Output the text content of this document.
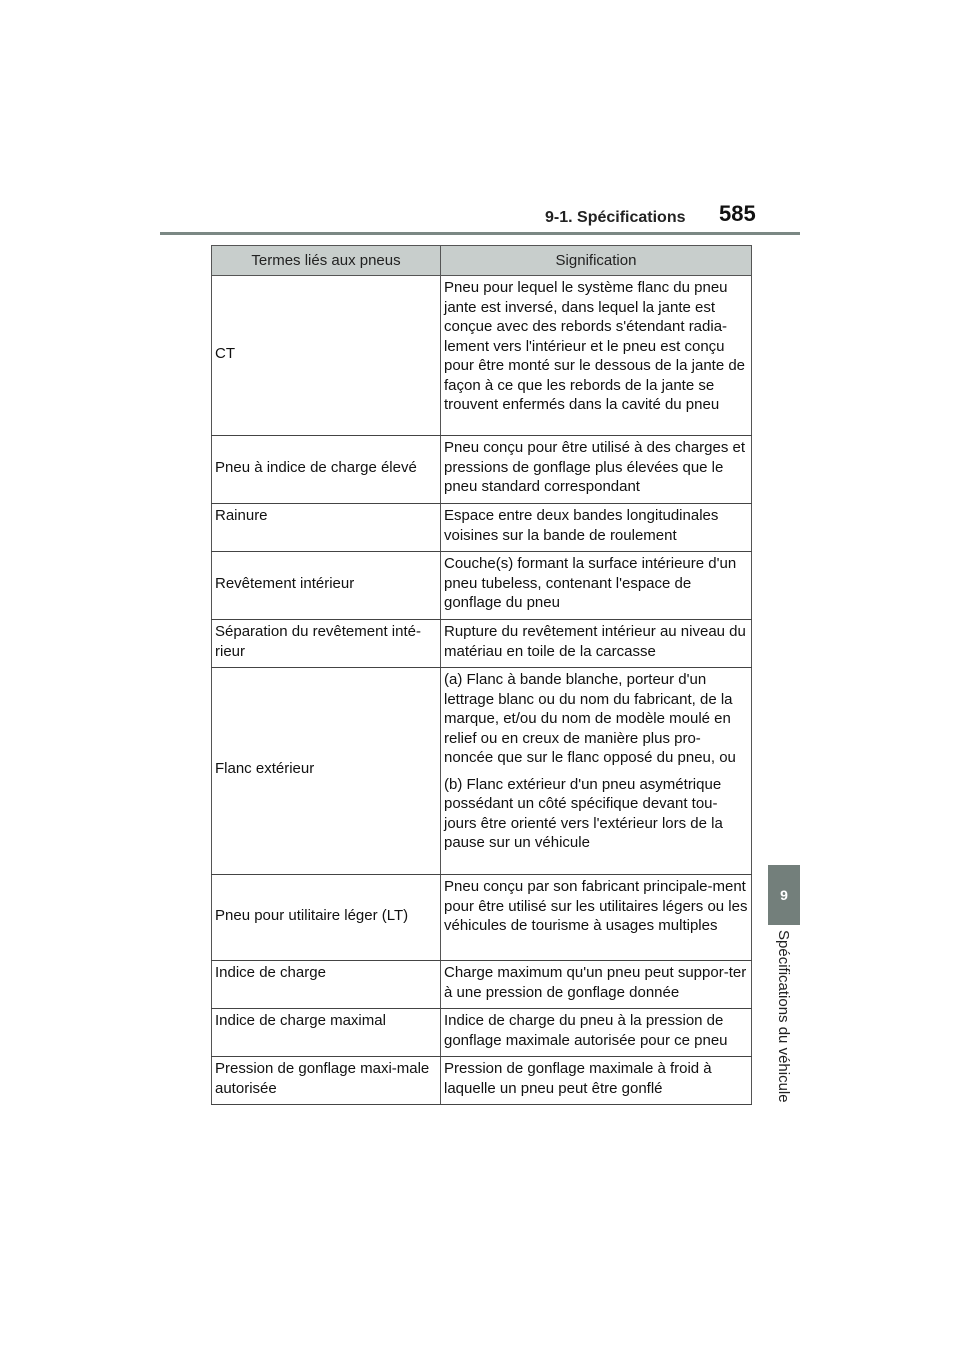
9-1. Spécifications 585
9
Spécifications du véhicule
Termes liés aux pneus	Signification
CT	Pneu pour lequel le système flanc du pneu jante est inversé, dans lequel la jante est conçue avec des rebords s'étendant radia-lement vers l'intérieur et le pneu est conçu pour être monté sur le dessous de la jante de façon à ce que les rebords de la jante se trouvent enfermés dans la cavité du pneu

Pneu à indice de charge élevé	Pneu conçu pour être utilisé à des charges et pressions de gonflage plus élevées que le pneu standard correspondant

Rainure	Espace entre deux bandes longitudinales voisines sur la bande de roulement

Revêtement intérieur	Couche(s) formant la surface intérieure d'un pneu tubeless, contenant l'espace de gonflage du pneu

Séparation du revêtement inté-rieur	Rupture du revêtement intérieur au niveau du matériau en toile de la carcasse

Flanc extérieur	(a) Flanc à bande blanche, porteur d'un lettrage blanc ou du nom du fabricant, de la marque, et/ou du nom de modèle moulé en relief ou en creux de manière plus pro-noncée que sur le flanc opposé du pneu, ou
(b) Flanc extérieur d'un pneu asymétrique possédant un côté spécifique devant tou-jours être orienté vers l'extérieur lors de la pause sur un véhicule

Pneu pour utilitaire léger (LT)	Pneu conçu par son fabricant principale-ment pour être utilisé sur les utilitaires légers ou les véhicules de tourisme à usages multiples

Indice de charge	Charge maximum qu'un pneu peut suppor-ter à une pression de gonflage donnée

Indice de charge maximal	Indice de charge du pneu à la pression de gonflage maximale autorisée pour ce pneu

Pression de gonflage maxi-male autorisée	Pression de gonflage maximale à froid à laquelle un pneu peut être gonflé
